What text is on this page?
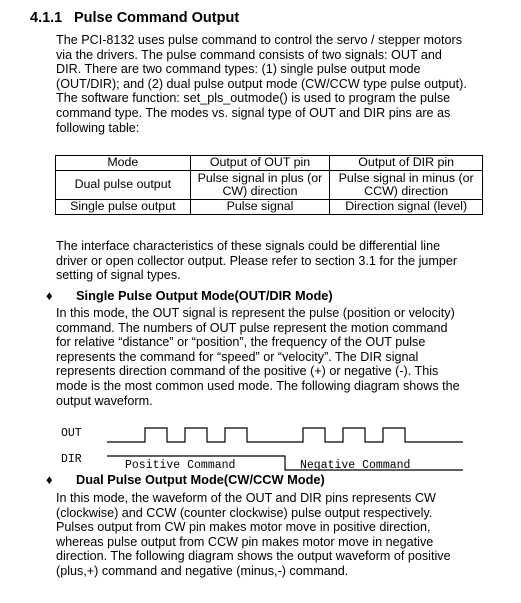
4.1.1 Pulse Command Output
The PCI-8132 uses pulse command to control the servo / stepper motors
via the drivers. The pulse command consists of two signals: OUT and
DIR. There are two command types: (1) single pulse output mode
(OUT/DIR); and (2) dual pulse output mode (CW/CCW type pulse output).
The software function: set_pls_outmode() is used to program the pulse
command type. The modes vs. signal type of OUT and DIR pins are as
following table:
Mode	Output of OUT pin	Output of DIR pin
Dual pulse output	Pulse signal in plus (or CW) direction	Pulse signal in minus (or CCW) direction
Single pulse output	Pulse signal	Direction signal (level)
The interface characteristics of these signals could be differential line
driver or open collector output. Please refer to section 3.1 for the jumper
setting of signal types.
♦ Single Pulse Output Mode(OUT/DIR Mode)
In this mode, the OUT signal is represent the pulse (position or velocity)
command. The numbers of OUT pulse represent the motion command
for relative “distance” or “position”, the frequency of the OUT pulse
represents the command for “speed” or “velocity”. The DIR signal
represents direction command of the positive (+) or negative (-). This
mode is the most common used mode. The following diagram shows the
output waveform.
OUT
DIR	Positive Command	Negative Command
♦ Dual Pulse Output Mode(CW/CCW Mode)
In this mode, the waveform of the OUT and DIR pins represents CW
(clockwise) and CCW (counter clockwise) pulse output respectively.
Pulses output from CW pin makes motor move in positive direction,
whereas pulse output from CCW pin makes motor move in negative
direction. The following diagram shows the output waveform of positive
(plus,+) command and negative (minus,-) command.
